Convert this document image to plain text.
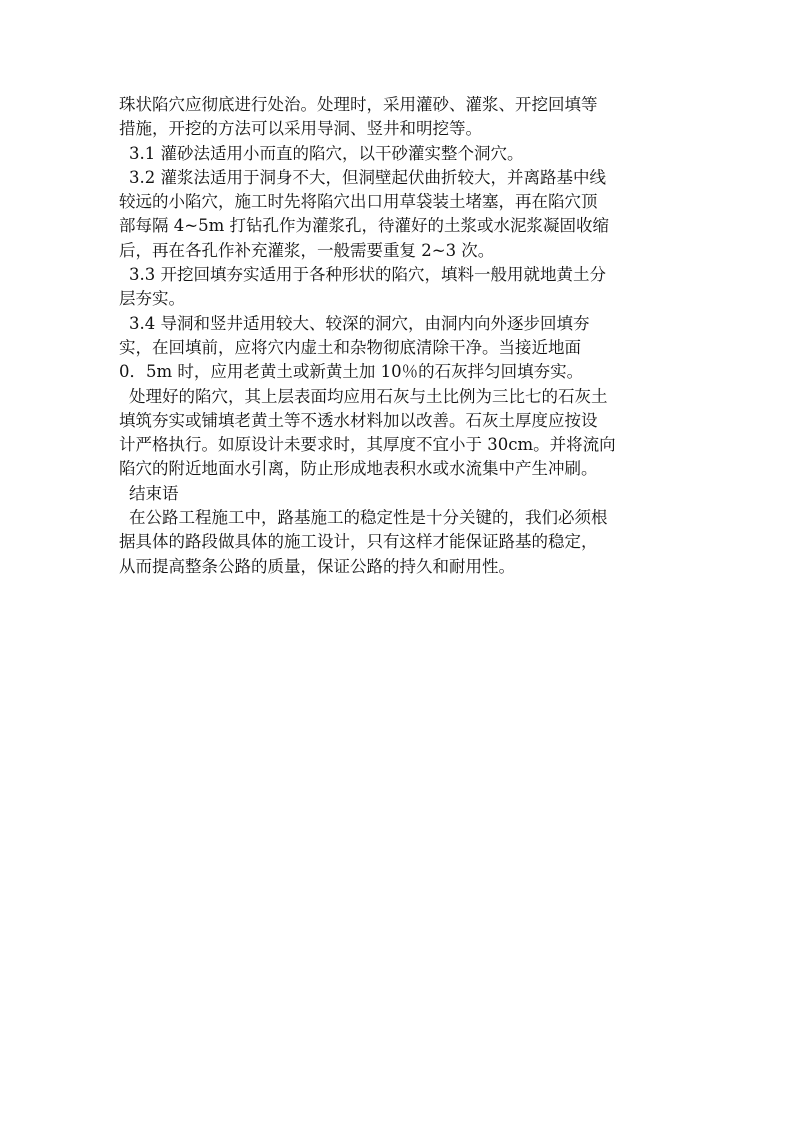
珠状陷穴应彻底进行处治。处理时，采用灌砂、灌浆、开挖回填等
措施，开挖的方法可以采用导洞、竖井和明挖等。
3.1 灌砂法适用小而直的陷穴，以干砂灌实整个洞穴。
3.2 灌浆法适用于洞身不大，但洞壁起伏曲折较大，并离路基中线
较远的小陷穴，施工时先将陷穴出口用草袋装土堵塞，再在陷穴顶
部每隔 4~5m 打钻孔作为灌浆孔，待灌好的土浆或水泥浆凝固收缩
后，再在各孔作补充灌浆，一般需要重复 2~3 次。
3.3 开挖回填夯实适用于各种形状的陷穴，填料一般用就地黄土分
层夯实。
3.4 导洞和竖井适用较大、较深的洞穴，由洞内向外逐步回填夯
实，在回填前，应将穴内虚土和杂物彻底清除干净。当接近地面
0．5m 时，应用老黄土或新黄土加 10％的石灰拌匀回填夯实。
处理好的陷穴，其上层表面均应用石灰与土比例为三比七的石灰土
填筑夯实或铺填老黄土等不透水材料加以改善。石灰土厚度应按设
计严格执行。如原设计未要求时，其厚度不宜小于 30cm。并将流向
陷穴的附近地面水引离，防止形成地表积水或水流集中产生冲刷。
结束语
在公路工程施工中，路基施工的稳定性是十分关键的，我们必须根
据具体的路段做具体的施工设计，只有这样才能保证路基的稳定，
从而提高整条公路的质量，保证公路的持久和耐用性。
